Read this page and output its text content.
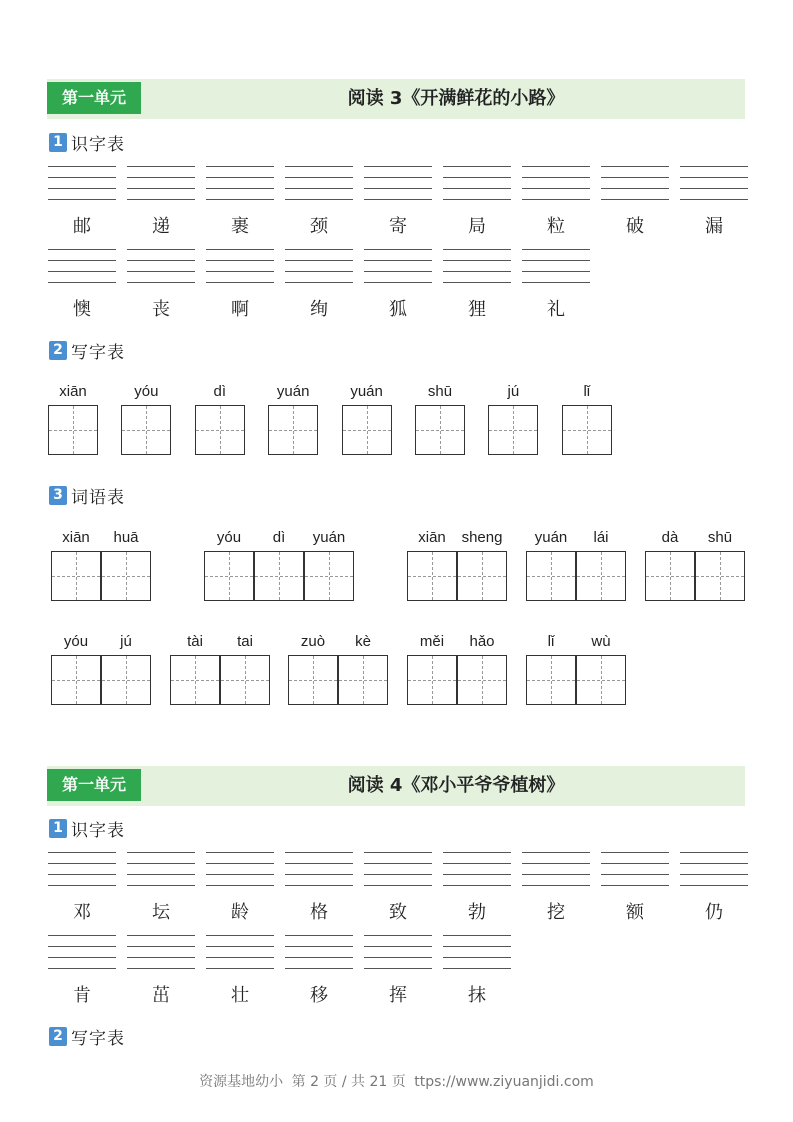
第一单元	阅读 3《开满鲜花的小路》
1 识字表
邮	递	裹	颈	寄	局	粒	破	漏
懊	丧	啊	绚	狐	狸	礼
2 写字表
xiān	yóu	dì	yuán	yuán	shū	jú	lǐ
3 词语表
xiān	huā	yóu	dì	yuán	xiān	sheng	yuán	lái	dà	shū
yóu	jú	tài	tai	zuò	kè	měi	hǎo	lǐ	wù
第一单元	阅读 4《邓小平爷爷植树》
1 识字表
邓	坛	龄	格	致	勃	挖	额	仍
肯	茁	壮	移	挥	抹
2 写字表
资源基地幼小 第 2 页 / 共 21 页 ttps://www.ziyuanjidi.com
